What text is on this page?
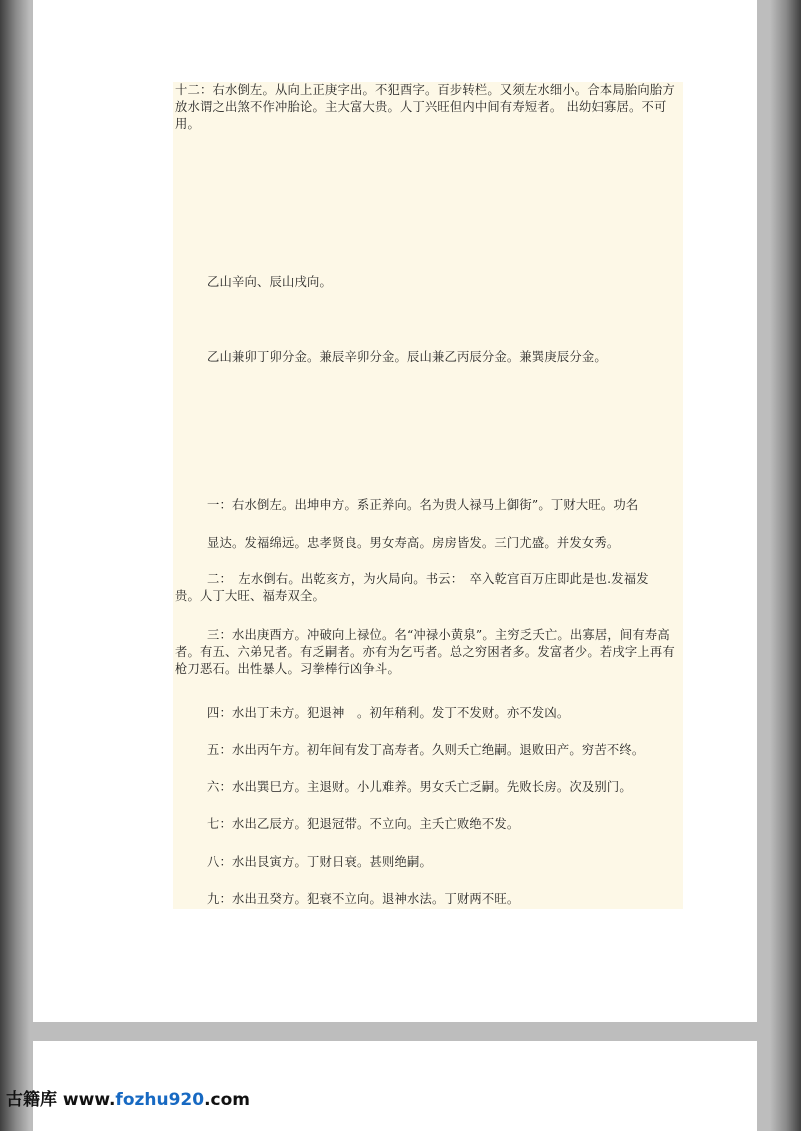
十二：右水倒左。从向上正庚字出。不犯酉字。百步转栏。又须左水细小。合本局胎向胎方放水谓之出煞不作冲胎论。主大富大贵。人丁兴旺但内中间有寿短者。 出幼妇寡居。不可用。

乙山辛向、辰山戌向。

乙山兼卯丁卯分金。兼辰辛卯分金。辰山兼乙丙辰分金。兼巽庚辰分金。

一：右水倒左。出坤申方。系正养向。名为贵人禄马上御街”。丁财大旺。功名

显达。发福绵远。忠孝贤良。男女寿高。房房皆发。三门尤盛。并发女秀。

二：　左水倒右。出乾亥方，为火局向。书云：　卒入乾宫百万庄即此是也.发福发　贵。人丁大旺、福寿双全。

三：水出庚酉方。冲破向上禄位。名“冲禄小黄泉”。主穷乏夭亡。出寡居，间有寿高者。有五、六弟兄者。有乏嗣者。亦有为乞丐者。总之穷困者多。发富者少。若戌字上再有枪刀恶石。出性暴人。习拳棒行凶争斗。

四：水出丁未方。犯退神　。初年稍利。发丁不发财。亦不发凶。

五：水出丙午方。初年间有发丁高寿者。久则夭亡绝嗣。退败田产。穷苦不终。

六：水出巽巳方。主退财。小儿难养。男女夭亡乏嗣。先败长房。次及别门。

七：水出乙辰方。犯退冠带。不立向。主夭亡败绝不发。

八：水出艮寅方。丁财日衰。甚则绝嗣。

九：水出丑癸方。犯衰不立向。退神水法。丁财两不旺。

古籍库 www.fozhu920.com
